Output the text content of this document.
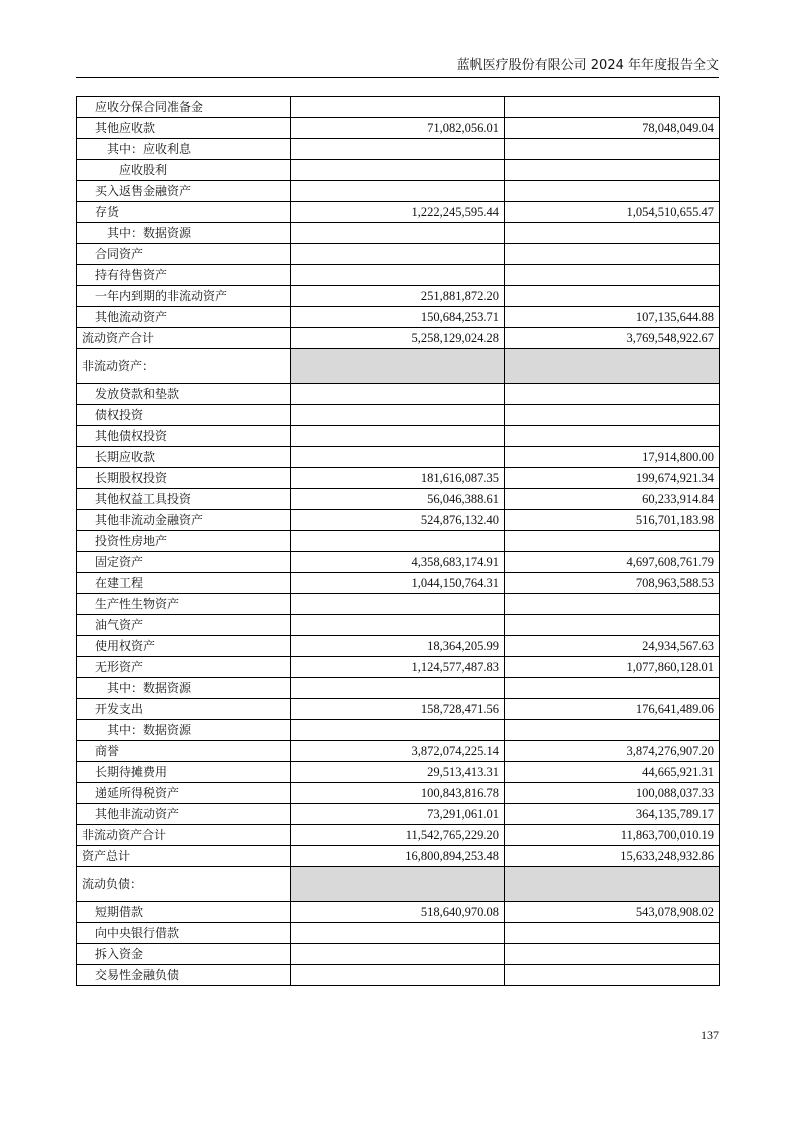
蓝帆医疗股份有限公司 2024 年年度报告全文
应收分保合同准备金		
其他应收款	71,082,056.01	78,048,049.04
其中：应收利息		
应收股利		
买入返售金融资产		
存货	1,222,245,595.44	1,054,510,655.47
其中：数据资源		
合同资产		
持有待售资产		
一年内到期的非流动资产	251,881,872.20	
其他流动资产	150,684,253.71	107,135,644.88
流动资产合计	5,258,129,024.28	3,769,548,922.67
非流动资产：		
发放贷款和垫款		
债权投资		
其他债权投资		
长期应收款		17,914,800.00
长期股权投资	181,616,087.35	199,674,921.34
其他权益工具投资	56,046,388.61	60,233,914.84
其他非流动金融资产	524,876,132.40	516,701,183.98
投资性房地产		
固定资产	4,358,683,174.91	4,697,608,761.79
在建工程	1,044,150,764.31	708,963,588.53
生产性生物资产		
油气资产		
使用权资产	18,364,205.99	24,934,567.63
无形资产	1,124,577,487.83	1,077,860,128.01
其中：数据资源		
开发支出	158,728,471.56	176,641,489.06
其中：数据资源		
商誉	3,872,074,225.14	3,874,276,907.20
长期待摊费用	29,513,413.31	44,665,921.31
递延所得税资产	100,843,816.78	100,088,037.33
其他非流动资产	73,291,061.01	364,135,789.17
非流动资产合计	11,542,765,229.20	11,863,700,010.19
资产总计	16,800,894,253.48	15,633,248,932.86
流动负债：		
短期借款	518,640,970.08	543,078,908.02
向中央银行借款		
拆入资金		
交易性金融负债		
137
